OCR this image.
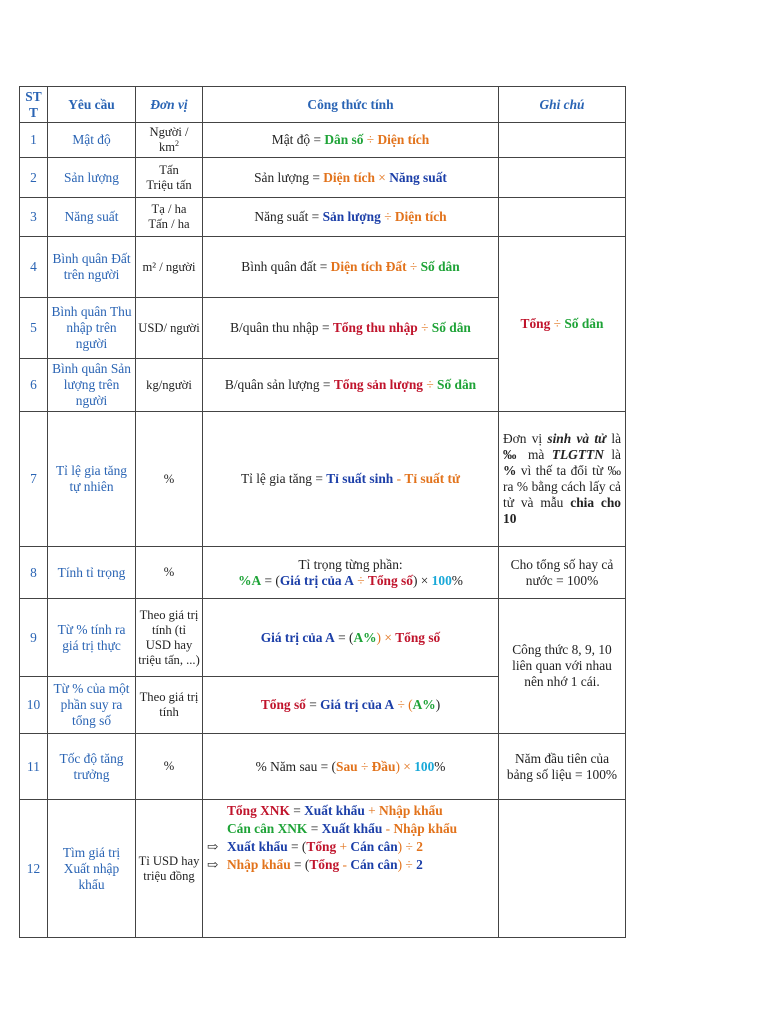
ST T	Yêu cầu	Đơn vị	Công thức tính	Ghi chú
1	Mật độ	Người /
$km^2$	Mật độ = Dân số ÷ Diện tích	
2	Sản lượng	Tấn
Triệu tấn	Sản lượng = Diện tích × Năng suất	
3	Năng suất	Tạ / ha
Tấn / ha	Năng suất = Sản lượng ÷ Diện tích	
4	Bình quân Đất trên người	m² / người	Bình quân đất = Diện tích Đất ÷ Số dân	Tổng ÷ Số dân
5	Bình quân Thu nhập trên người	USD/ người	B/quân thu nhập = Tổng thu nhập ÷ Số dân	
6	Bình quân Sản lượng trên người	kg/người	B/quân sản lượng = Tổng sản lượng ÷ Số dân	
7	Tỉ lệ gia tăng tự nhiên	%	Tỉ lệ gia tăng = Tỉ suất sinh - Tỉ suất tử	Đơn vị sinh và tử là ‰ mà TLGTTN là % vì thế ta đổi từ ‰ ra % bằng cách lấy cả tử và mẫu chia cho 10
8	Tính tỉ trọng	%	Tỉ trọng từng phần:
%A = (Giá trị của A ÷ Tổng số) × 100%	Cho tổng số hay cả nước = 100%
9	Từ % tính ra giá trị thực	Theo giá trị tính (tỉ USD hay triệu tấn, ...)	Giá trị của A = (A%) × Tổng số	Công thức 8, 9, 10 liên quan với nhau nên nhớ 1 cái.
10	Từ % của một phần suy ra tổng số	Theo giá trị tính	Tổng số = Giá trị của A ÷ (A%)	
11	Tốc độ tăng trưởng	%	% Năm sau = (Sau ÷ Đầu) × 100%	Năm đầu tiên của bảng số liệu = 100%
12	Tìm giá trị Xuất nhập khẩu	Tỉ USD hay triệu đồng	Tổng XNK = Xuất khẩu + Nhập khẩu
Cán cân XNK = Xuất khẩu - Nhập khẩu
⇨ Xuất khẩu = (Tổng + Cán cân) ÷ 2
⇨ Nhập khẩu = (Tổng - Cán cân) ÷ 2	
